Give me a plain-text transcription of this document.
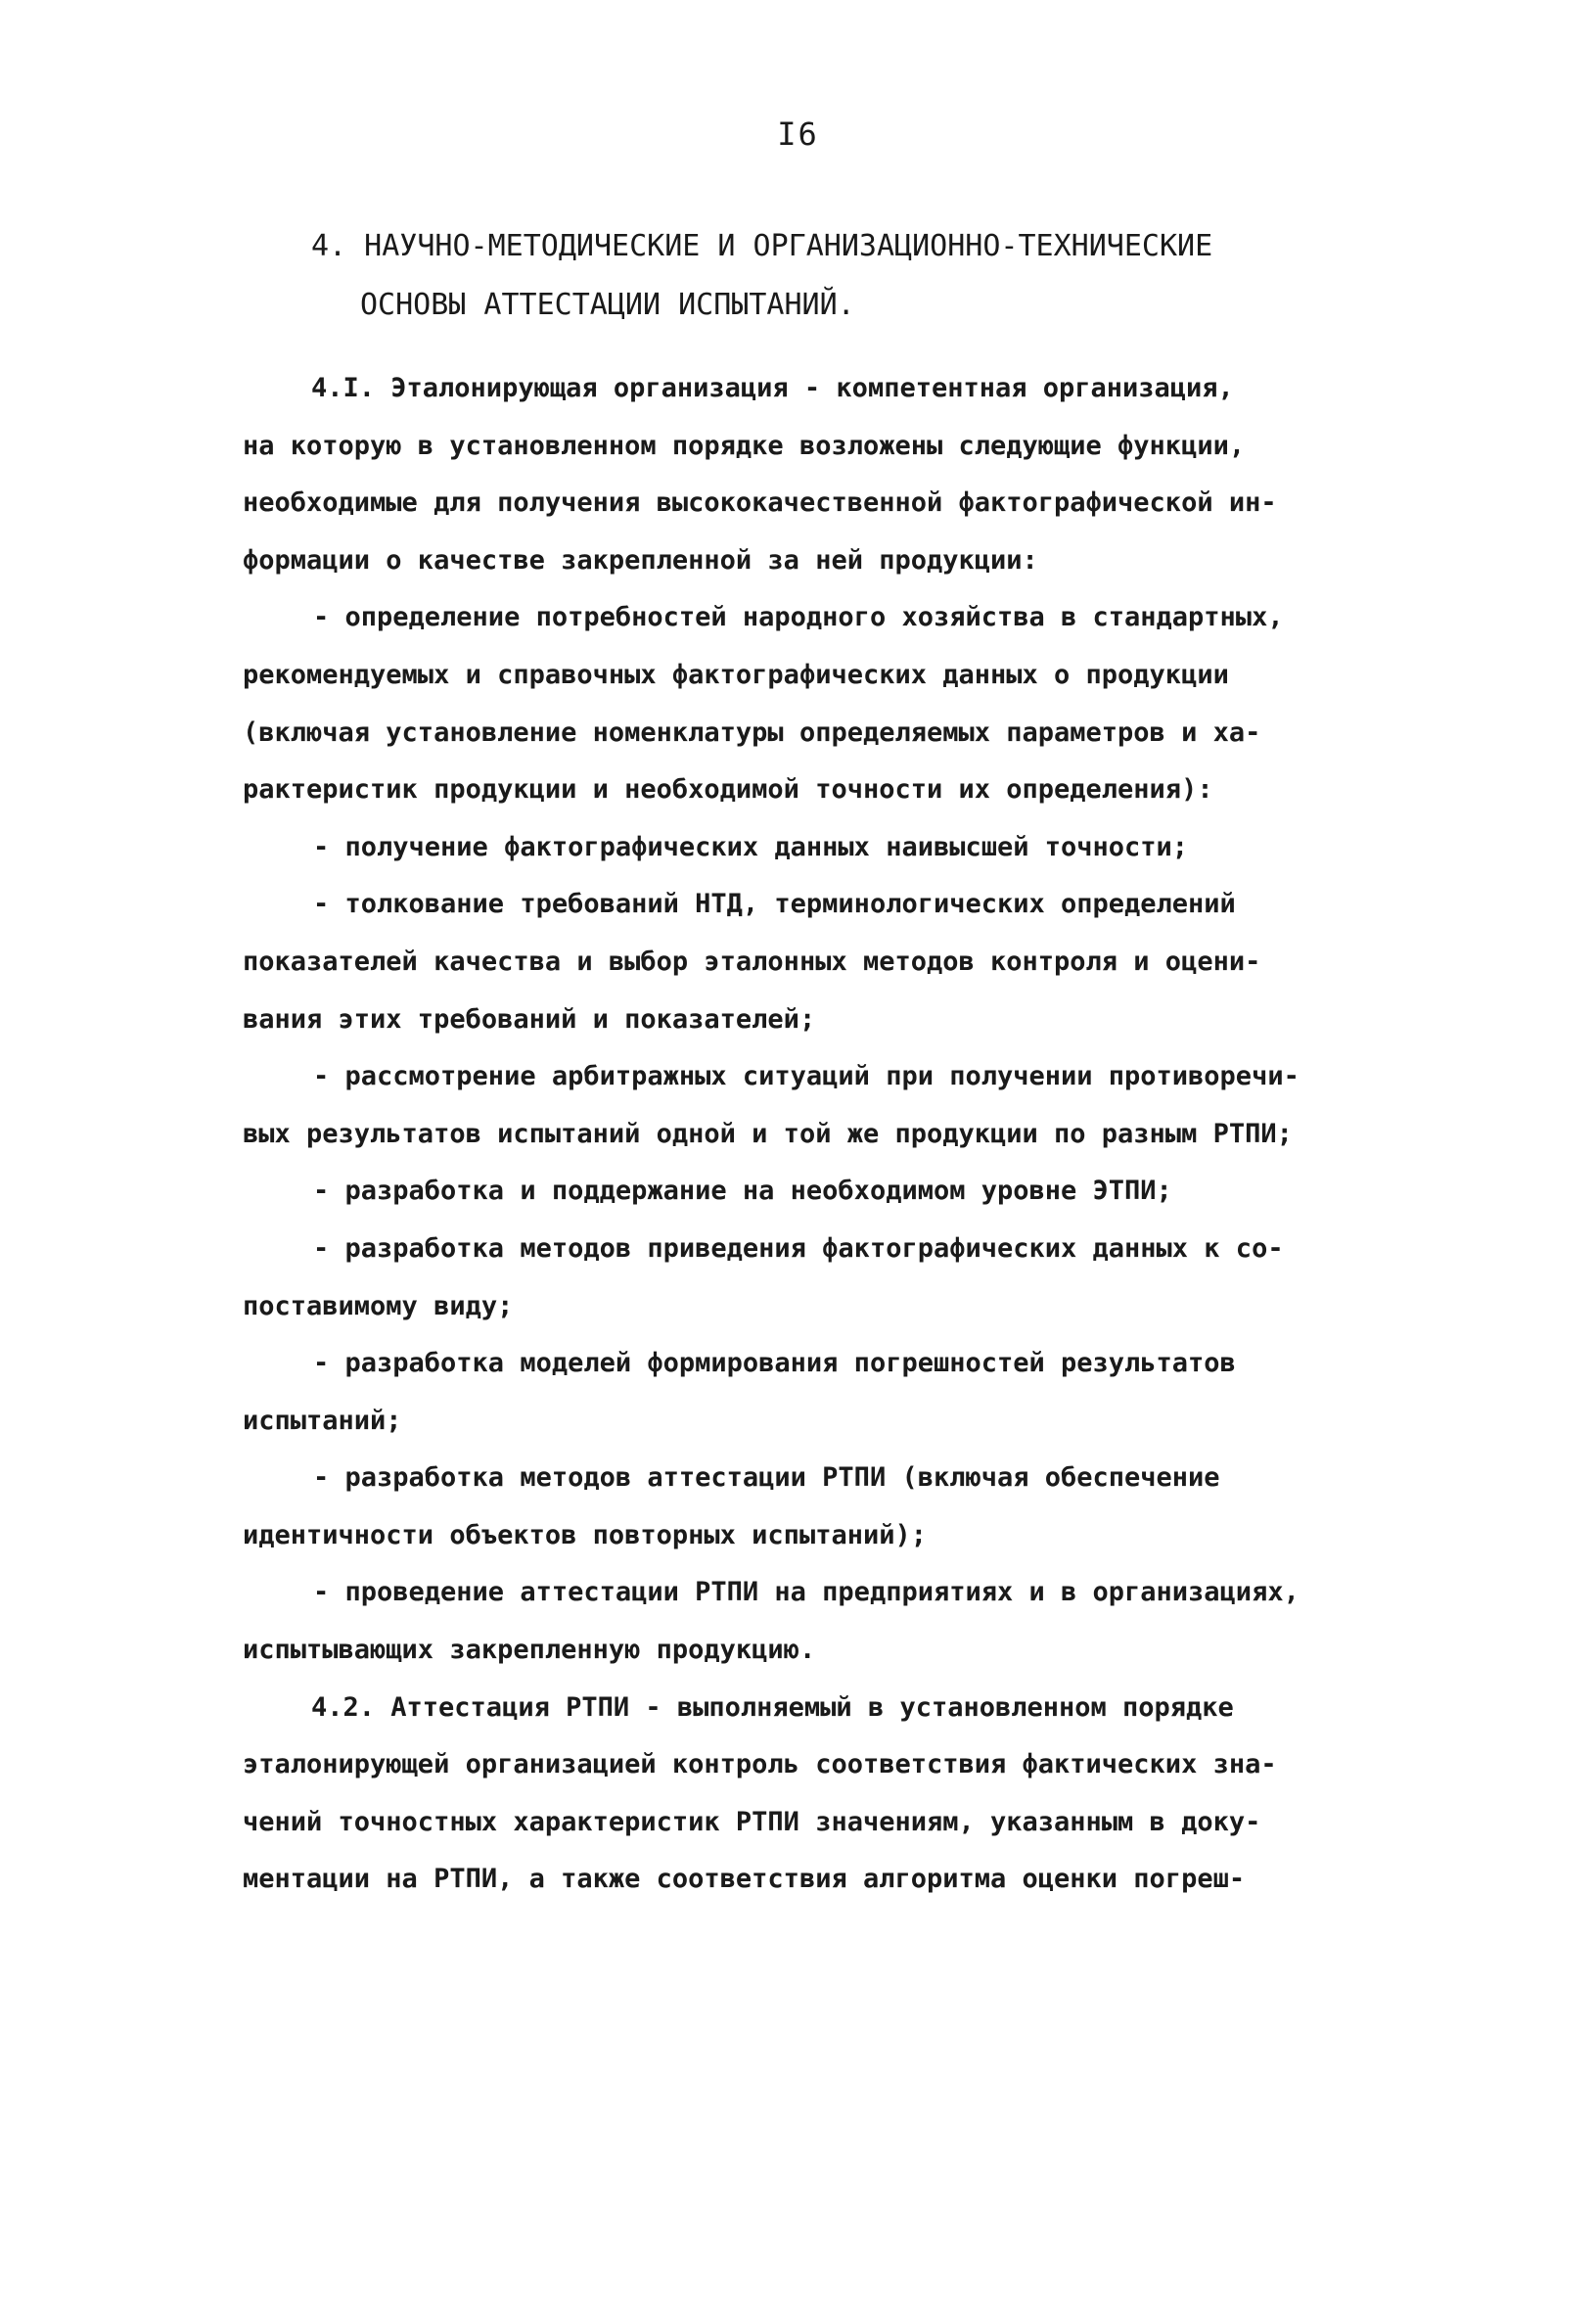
I6
4. НАУЧНО-МЕТОДИЧЕСКИЕ И ОРГАНИЗАЦИОННО-ТЕХНИЧЕСКИЕ
ОСНОВЫ АТТЕСТАЦИИ ИСПЫТАНИЙ.
4.I. Эталонирующая организация - компетентная организация,
на которую в установленном порядке возложены следующие функции,
необходимые для получения высококачественной фактографической ин-
формации о качестве закрепленной за ней продукции:
- определение потребностей народного хозяйства в стандартных,
рекомендуемых и справочных фактографических данных о продукции
(включая установление номенклатуры определяемых параметров и ха-
рактеристик продукции и необходимой точности их определения):
- получение фактографических данных наивысшей точности;
- толкование требований НТД, терминологических определений
показателей качества и выбор эталонных методов контроля и оцени-
вания этих требований и показателей;
- рассмотрение арбитражных ситуаций при получении противоречи-
вых результатов испытаний одной и той же продукции по разным РТПИ;
- разработка и поддержание на необходимом уровне ЭТПИ;
- разработка методов приведения фактографических данных к со-
поставимому виду;
- разработка моделей формирования погрешностей результатов
испытаний;
- разработка методов аттестации РТПИ (включая обеспечение
идентичности объектов повторных испытаний);
- проведение аттестации РТПИ на предприятиях и в организациях,
испытывающих закрепленную продукцию.
4.2. Аттестация РТПИ - выполняемый в установленном порядке
эталонирующей организацией контроль соответствия фактических зна-
чений точностных характеристик РТПИ значениям, указанным в доку-
ментации на РТПИ, а также соответствия алгоритма оценки погреш-
